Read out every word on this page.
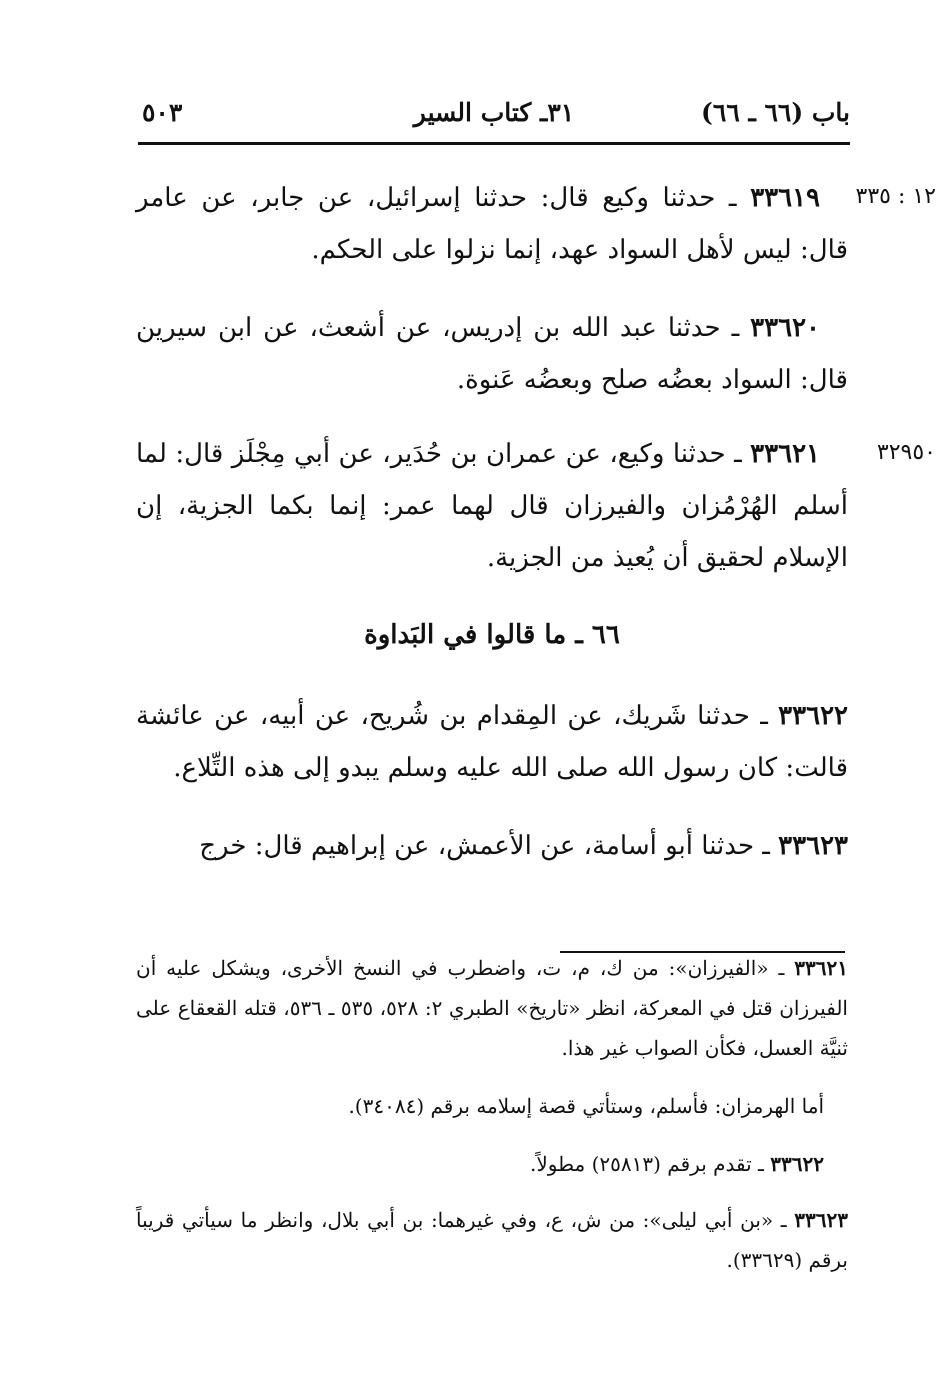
باب (٦٦ ـ ٦٦)
٣١ـ كتاب السير
٥٠٣
١٢ : ٣٣٥
٣٢٩٥٠

٣٣٦١٩ ـ حدثنا وكيع قال: حدثنا إسرائيل، عن جابر، عن عامر قال: ليس لأهل السواد عهد، إنما نزلوا على الحكم.

٣٣٦٢٠ ـ حدثنا عبد الله بن إدريس، عن أشعث، عن ابن سيرين قال: السواد بعضُه صلح وبعضُه عَنوة.

٣٣٦٢١ ـ حدثنا وكيع، عن عمران بن حُدَير، عن أبي مِجْلَز قال: لما أسلم الهُرْمُزان والفيرزان قال لهما عمر: إنما بكما الجزية، إن الإسلام لحقيق أن يُعيذ من الجزية.

٦٦ ـ ما قالوا في البَداوة

٣٣٦٢٢ ـ حدثنا شَريك، عن المِقدام بن شُريح، عن أبيه، عن عائشة قالت: كان رسول الله صلى الله عليه وسلم يبدو إلى هذه التِّلاع.

٣٣٦٢٣ ـ حدثنا أبو أسامة، عن الأعمش، عن إبراهيم قال: خرج

٣٣٦٢١ ـ «الفيرزان»: من ك، م، ت، واضطرب في النسخ الأخرى، ويشكل عليه أن الفيرزان قتل في المعركة، انظر «تاريخ» الطبري ٢: ٥٢٨، ٥٣٥ ـ ٥٣٦، قتله القعقاع على ثنيَّة العسل، فكأن الصواب غير هذا.

أما الهرمزان: فأسلم، وستأتي قصة إسلامه برقم (٣٤٠٨٤).

٣٣٦٢٢ ـ تقدم برقم (٢٥٨١٣) مطولاً.

٣٣٦٢٣ ـ «بن أبي ليلى»: من ش، ع، وفي غيرهما: بن أبي بلال، وانظر ما سيأتي قريباً برقم (٣٣٦٢٩).
